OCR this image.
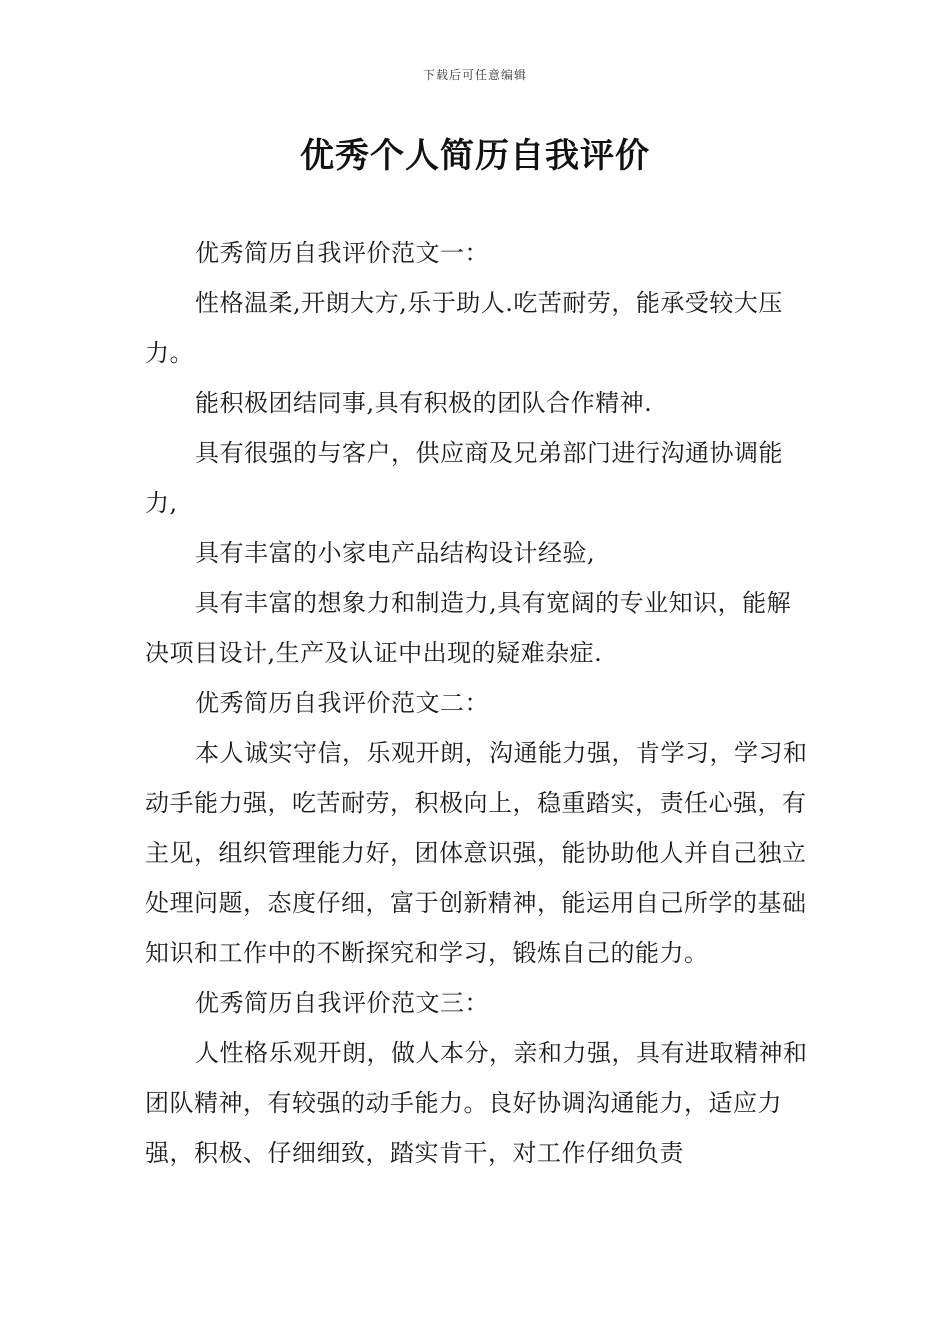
下载后可任意编辑
优秀个人简历自我评价

优秀简历自我评价范文一：

性格温柔,开朗大方,乐于助人.吃苦耐劳，能承受较大压力。

能积极团结同事,具有积极的团队合作精神.

具有很强的与客户，供应商及兄弟部门进行沟通协调能力,

具有丰富的小家电产品结构设计经验,

具有丰富的想象力和制造力,具有宽阔的专业知识，能解决项目设计,生产及认证中出现的疑难杂症.

优秀简历自我评价范文二：

本人诚实守信，乐观开朗，沟通能力强，肯学习，学习和动手能力强，吃苦耐劳，积极向上，稳重踏实，责任心强，有主见，组织管理能力好，团体意识强，能协助他人并自己独立处理问题，态度仔细，富于创新精神，能运用自己所学的基础知识和工作中的不断探究和学习，锻炼自己的能力。

优秀简历自我评价范文三：

人性格乐观开朗，做人本分，亲和力强，具有进取精神和团队精神，有较强的动手能力。良好协调沟通能力，适应力强，积极、仔细细致，踏实肯干，对工作仔细负责
